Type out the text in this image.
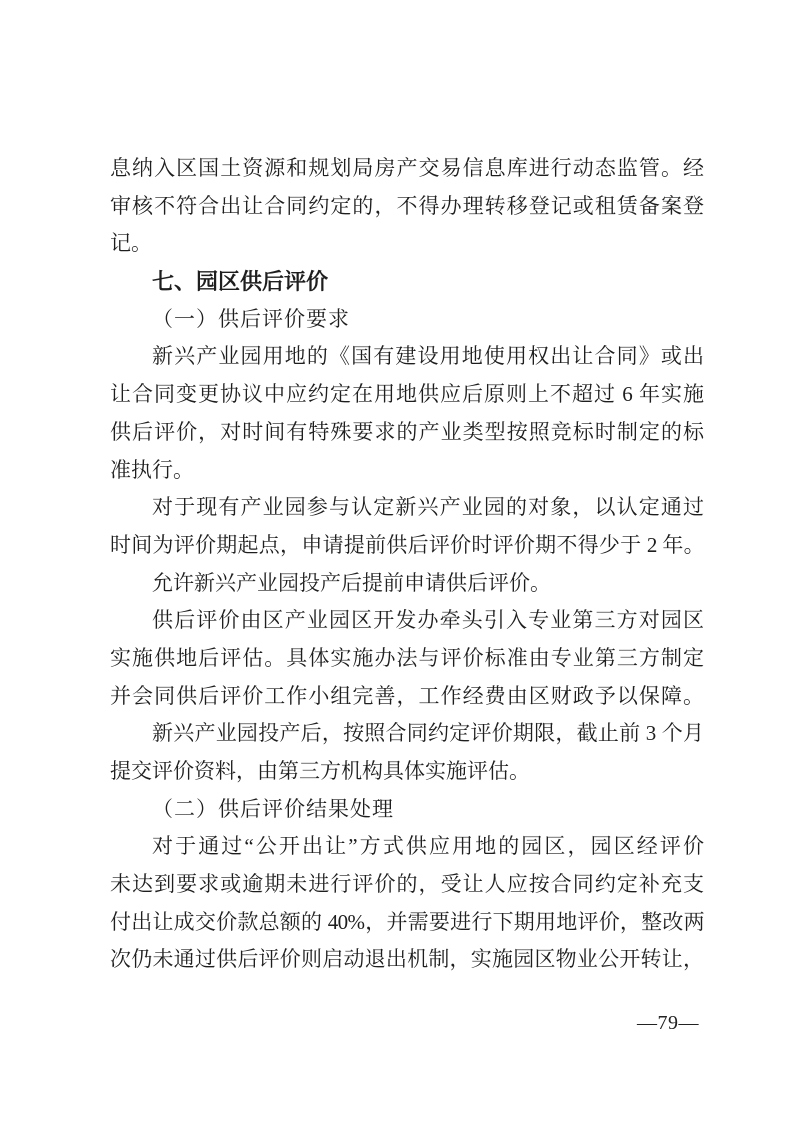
息纳入区国土资源和规划局房产交易信息库进行动态监管。经
审核不符合出让合同约定的，不得办理转移登记或租赁备案登
记。
七、园区供后评价
（一）供后评价要求
新兴产业园用地的《国有建设用地使用权出让合同》或出
让合同变更协议中应约定在用地供应后原则上不超过 6 年实施
供后评价，对时间有特殊要求的产业类型按照竞标时制定的标
准执行。
对于现有产业园参与认定新兴产业园的对象，以认定通过
时间为评价期起点，申请提前供后评价时评价期不得少于 2 年。
允许新兴产业园投产后提前申请供后评价。
供后评价由区产业园区开发办牵头引入专业第三方对园区
实施供地后评估。具体实施办法与评价标准由专业第三方制定
并会同供后评价工作小组完善，工作经费由区财政予以保障。
新兴产业园投产后，按照合同约定评价期限，截止前 3 个月
提交评价资料，由第三方机构具体实施评估。
（二）供后评价结果处理
对于通过“公开出让”方式供应用地的园区，园区经评价
未达到要求或逾期未进行评价的，受让人应按合同约定补充支
付出让成交价款总额的 40%，并需要进行下期用地评价，整改两
次仍未通过供后评价则启动退出机制，实施园区物业公开转让，
—79—
